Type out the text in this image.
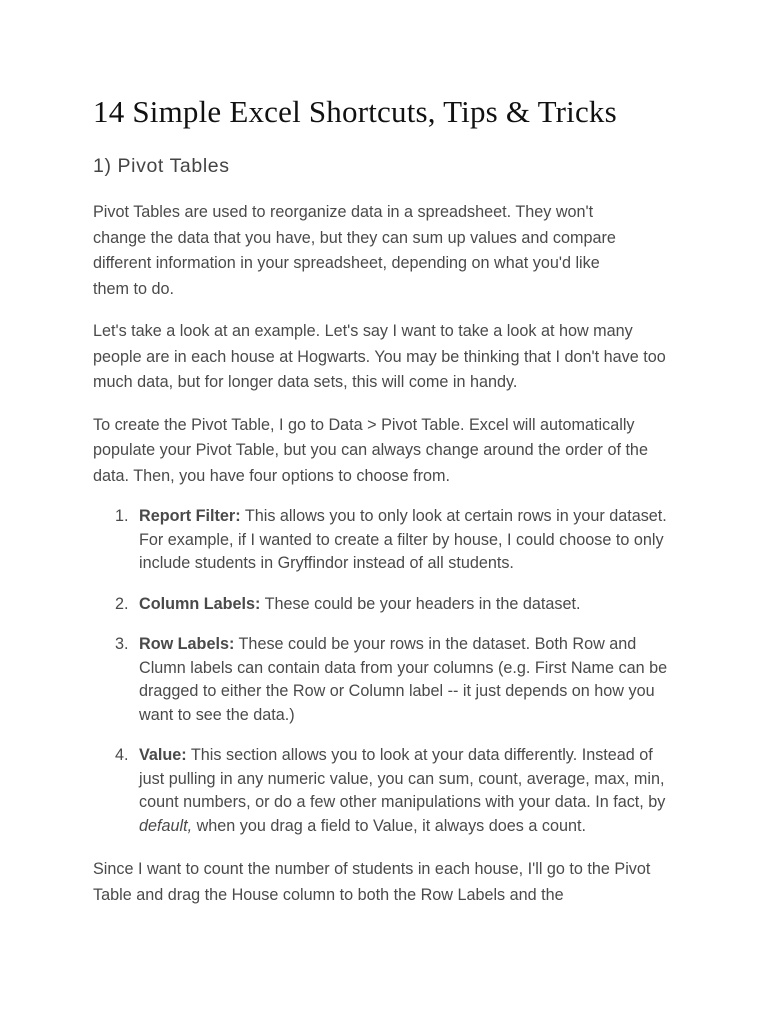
14 Simple Excel Shortcuts, Tips & Tricks
1) Pivot Tables

Pivot Tables are used to reorganize data in a spreadsheet. They won't change the data that you have, but they can sum up values and compare different information in your spreadsheet, depending on what you'd like them to do.

Let's take a look at an example. Let's say I want to take a look at how many people are in each house at Hogwarts. You may be thinking that I don't have too much data, but for longer data sets, this will come in handy.

To create the Pivot Table, I go to Data > Pivot Table. Excel will automatically populate your Pivot Table, but you can always change around the order of the data. Then, you have four options to choose from.

1. Report Filter: This allows you to only look at certain rows in your dataset. For example, if I wanted to create a filter by house, I could choose to only include students in Gryffindor instead of all students.
2. Column Labels: These could be your headers in the dataset.
3. Row Labels: These could be your rows in the dataset. Both Row and Clumn labels can contain data from your columns (e.g. First Name can be dragged to either the Row or Column label -- it just depends on how you want to see the data.)
4. Value: This section allows you to look at your data differently. Instead of just pulling in any numeric value, you can sum, count, average, max, min, count numbers, or do a few other manipulations with your data. In fact, by default, when you drag a field to Value, it always does a count.

Since I want to count the number of students in each house, I'll go to the Pivot Table and drag the House column to both the Row Labels and the
